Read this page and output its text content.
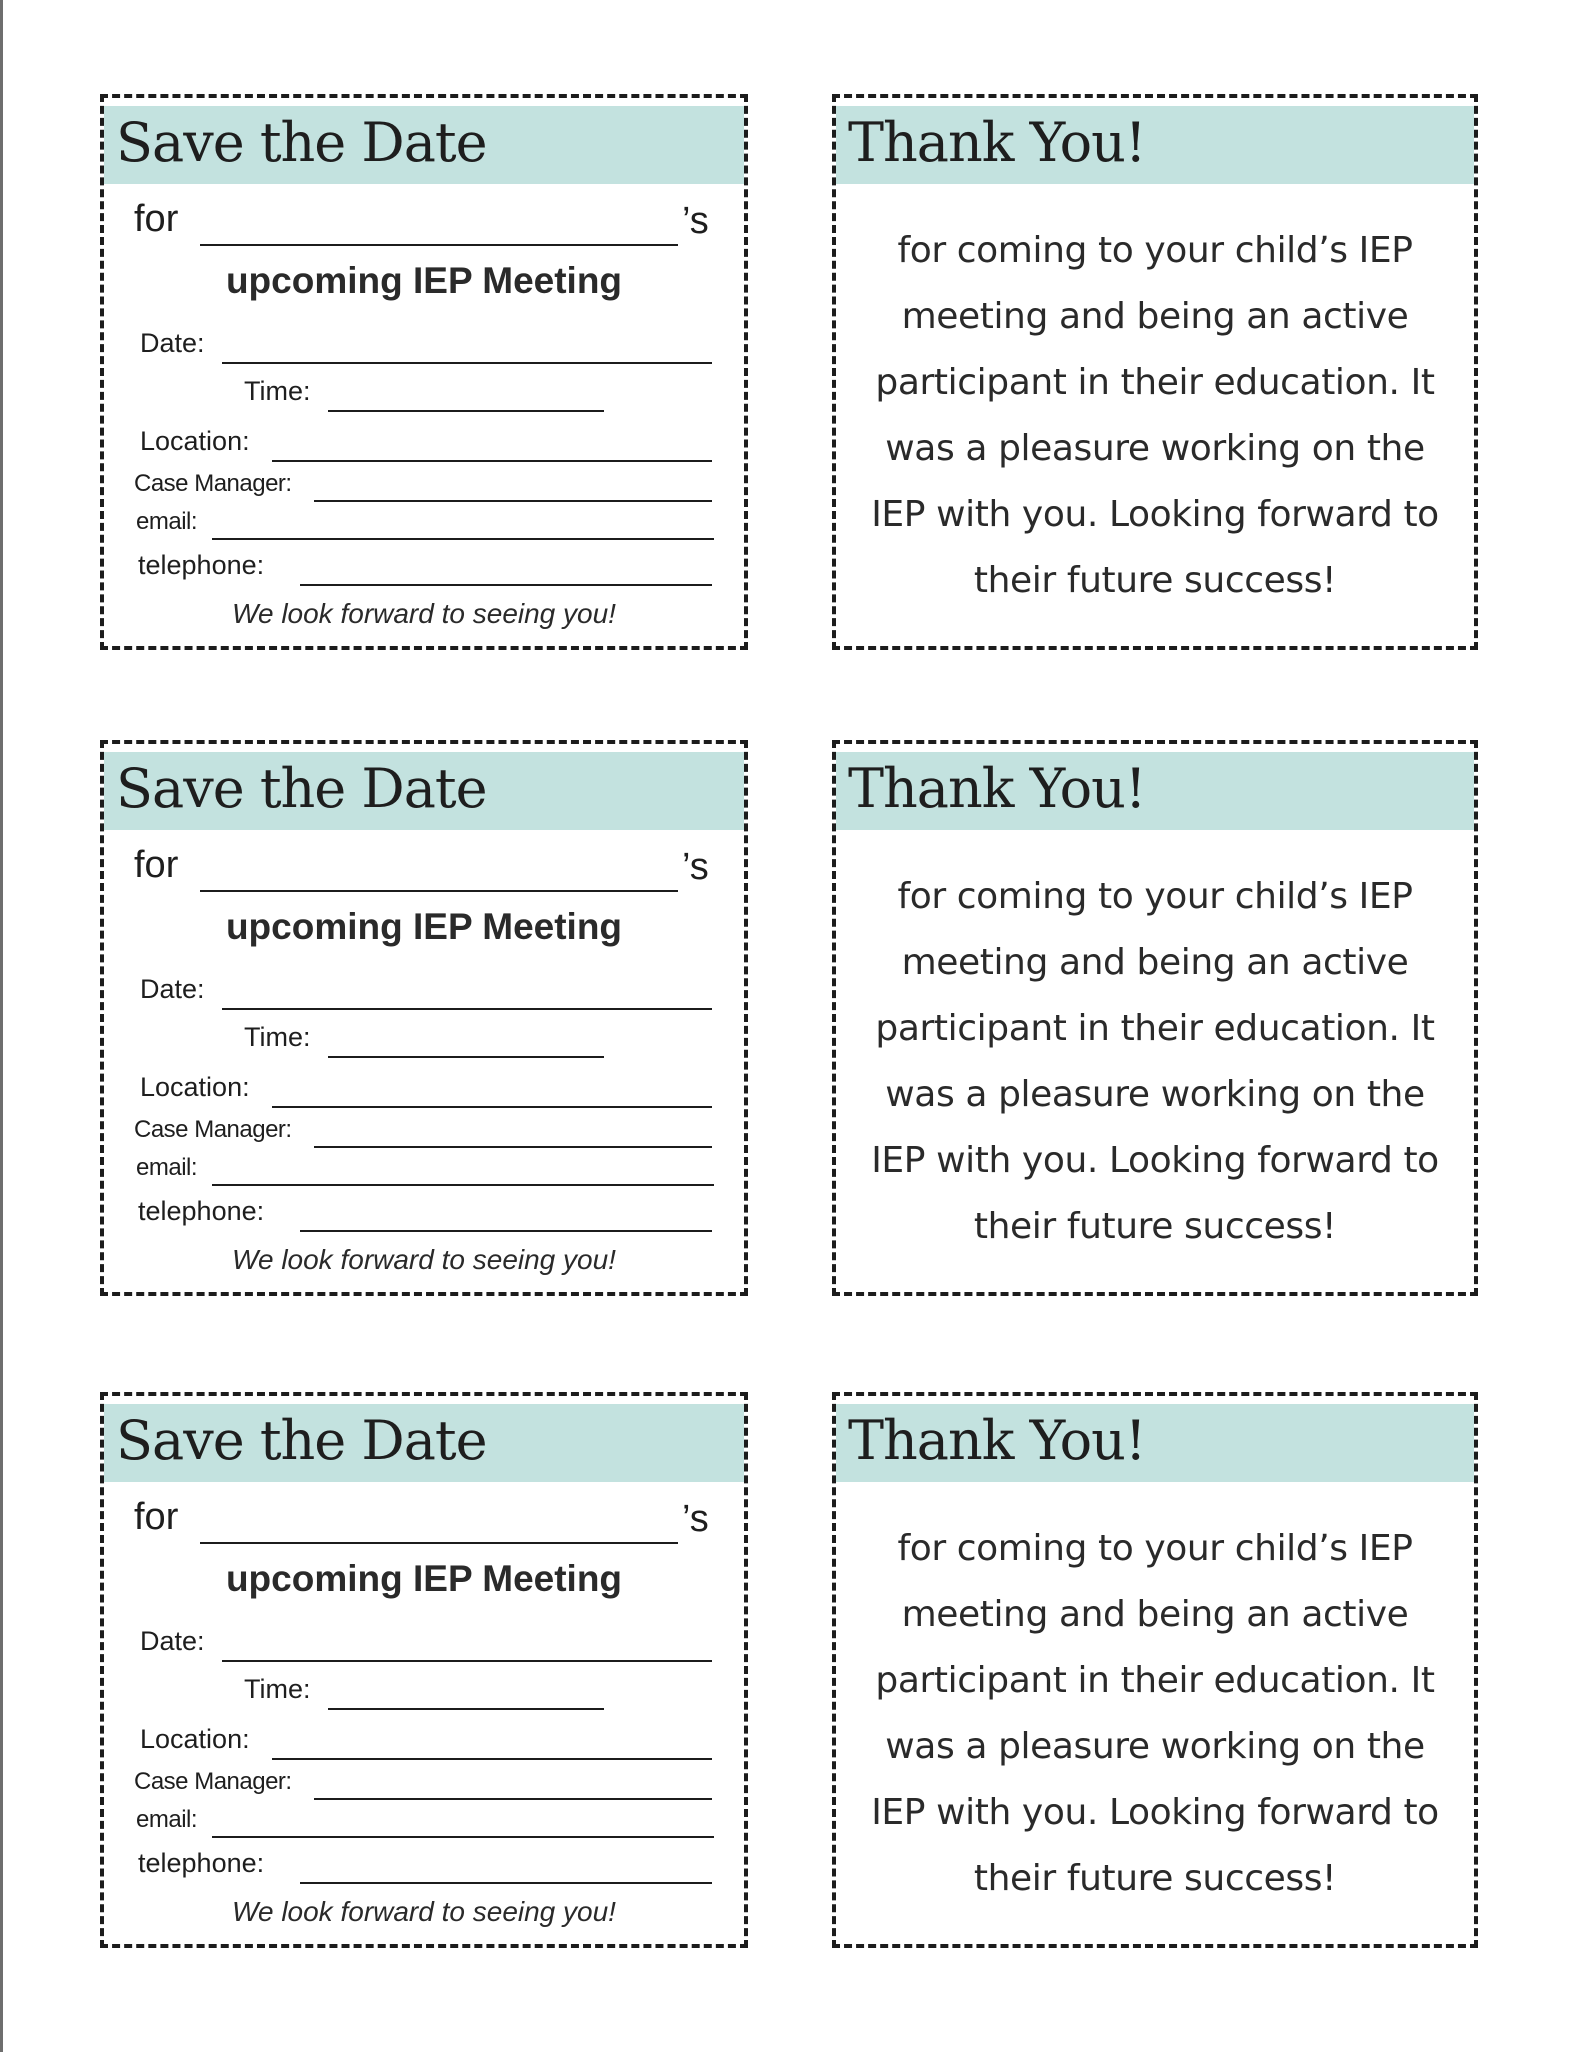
Save the Date
for	’s
upcoming IEP Meeting
Date:
Time:
Location:
Case Manager:
email:
telephone:
We look forward to seeing you!
Thank You!
for coming to your child’s IEP
meeting and being an active
participant in their education. It
was a pleasure working on the
IEP with you. Looking forward to
their future success!
Save the Date
for	’s
upcoming IEP Meeting
Date:
Time:
Location:
Case Manager:
email:
telephone:
We look forward to seeing you!
Thank You!
for coming to your child’s IEP
meeting and being an active
participant in their education. It
was a pleasure working on the
IEP with you. Looking forward to
their future success!
Save the Date
for	’s
upcoming IEP Meeting
Date:
Time:
Location:
Case Manager:
email:
telephone:
We look forward to seeing you!
Thank You!
for coming to your child’s IEP
meeting and being an active
participant in their education. It
was a pleasure working on the
IEP with you. Looking forward to
their future success!
